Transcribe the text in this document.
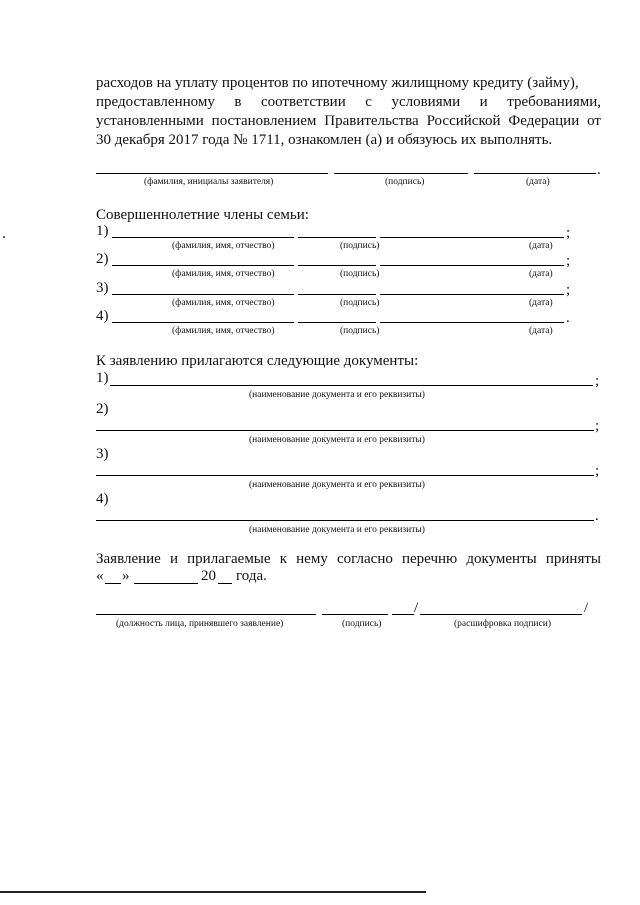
расходов на уплату процентов по ипотечному жилищному кредиту (займу),
предоставленному в соответствии с условиями и требованиями,
установленными постановлением Правительства Российской Федерации от
30 декабря 2017 года № 1711, ознакомлен (а) и обязуюсь их выполнять.
.
(фамилия, инициалы заявителя)	(подпись)	(дата)
Совершеннолетние члены семьи:
1)	;
(фамилия, имя, отчество)	(подпись)	(дата)
2)	;
(фамилия, имя, отчество)	(подпись)	(дата)
3)	;
(фамилия, имя, отчество)	(подпись)	(дата)
4)	.
(фамилия, имя, отчество)	(подпись)	(дата)
К заявлению прилагаются следующие документы:
1)	;
(наименование документа и его реквизиты)
2)
;
(наименование документа и его реквизиты)
3)
;
(наименование документа и его реквизиты)
4)
.
(наименование документа и его реквизиты)
Заявление и прилагаемые к нему согласно перечню документы приняты
« »	20 года.
/	/
(должность лица, принявшего заявление)	(подпись)	(расшифровка подписи)
